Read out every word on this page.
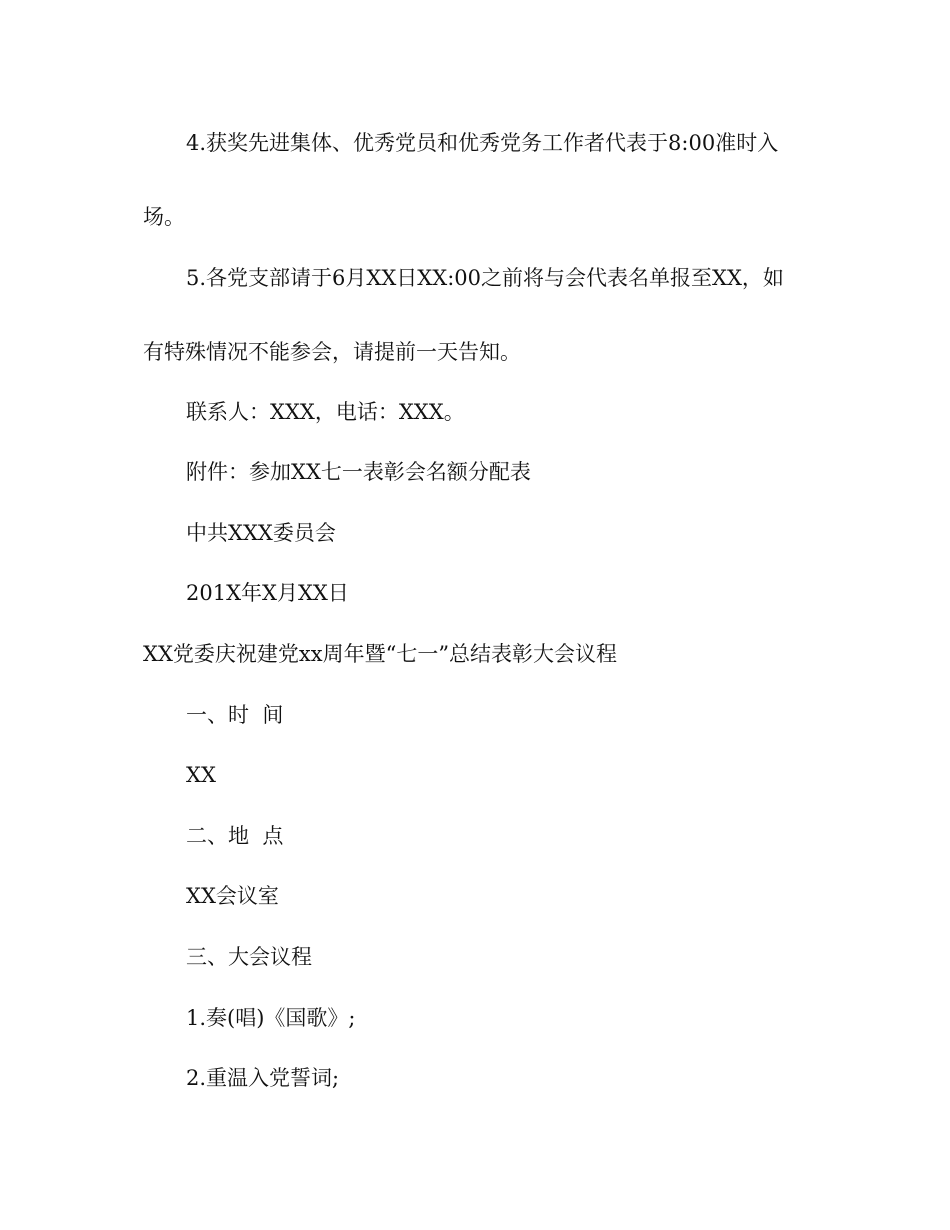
4.获奖先进集体、优秀党员和优秀党务工作者代表于8:00准时入
场。
5.各党支部请于6月XX日XX:00之前将与会代表名单报至XX，如
有特殊情况不能参会，请提前一天告知。
联系人：XXX，电话：XXX。
附件：参加XX七一表彰会名额分配表
中共XXX委员会
201X年X月XX日
XX党委庆祝建党xx周年暨“七一”总结表彰大会议程
一、时  间
XX
二、地  点
XX会议室
三、大会议程
1.奏(唱)《国歌》;
2.重温入党誓词;
